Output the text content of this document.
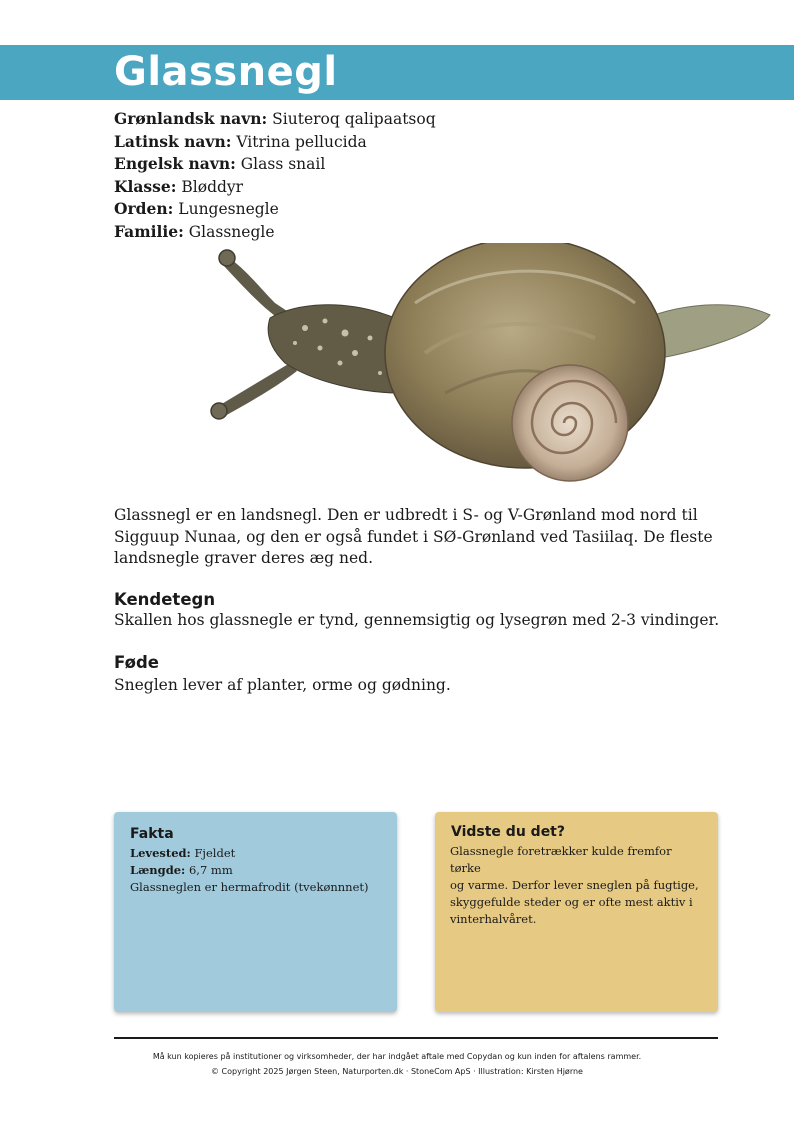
Glassnegl
Grønlandsk navn: Siuteroq qalipaatsoq
Latinsk navn: Vitrina pellucida
Engelsk navn: Glass snail
Klasse: Bløddyr
Orden: Lungesnegle
Familie: Glassnegle
Glassnegl er en landsnegl. Den er udbredt i S- og V-Grønland mod nord til
Sigguup Nunaa, og den er også fundet i SØ-Grønland ved Tasiilaq. De fleste
landsnegle graver deres æg ned.
Kendetegn
Skallen hos glassnegle er tynd, gennemsigtig og lysegrøn med 2-3 vindinger.
Føde
Sneglen lever af planter, orme og gødning.
Fakta
Levested: Fjeldet
Længde: 6,7 mm
Glassneglen er hermafrodit (tvekønnnet)
Vidste du det?
Glassnegle foretrækker kulde fremfor tørke
og varme. Derfor lever sneglen på fugtige,
skyggefulde steder og er ofte mest aktiv i
vinterhalvåret.
Må kun kopieres på institutioner og virksomheder, der har indgået aftale med Copydan og kun inden for aftalens rammer.
© Copyright 2025 Jørgen Steen, Naturporten.dk · StoneCom ApS · Illustration: Kirsten Hjørne
